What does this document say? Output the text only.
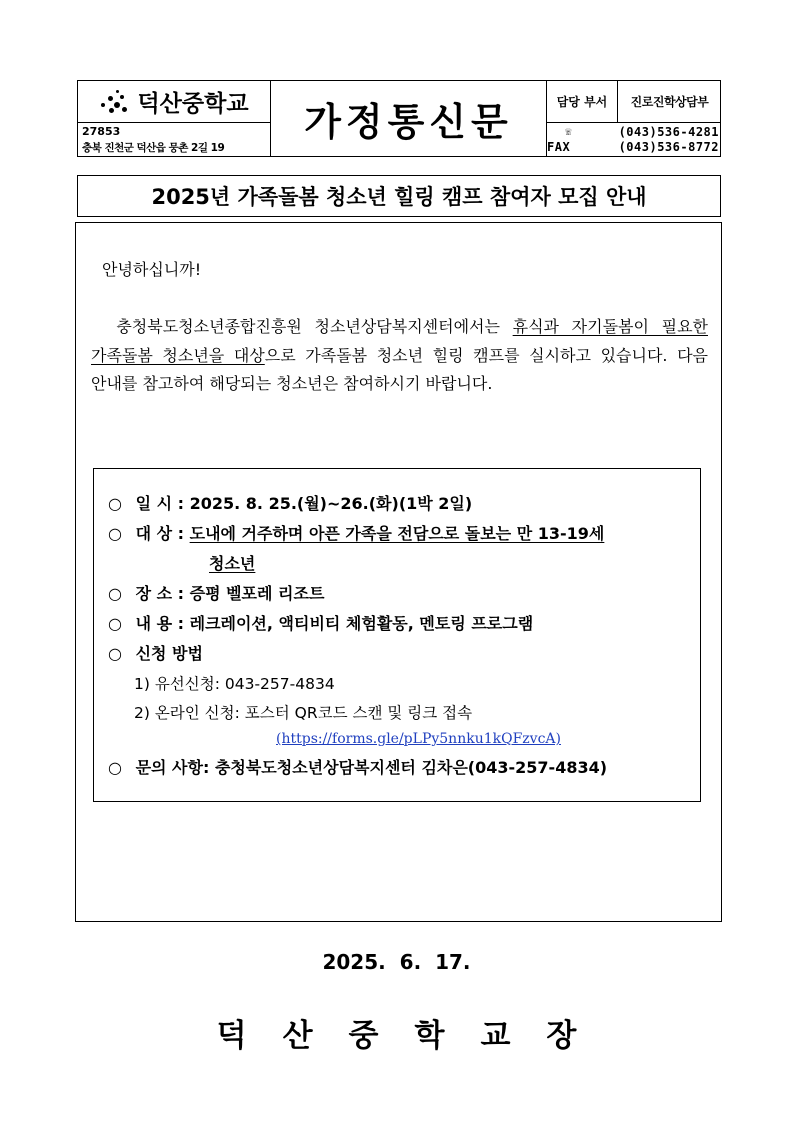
덕산중학교
27853
충북 진천군 덕산읍 뭉촌 2길 19
가정통신문	담당 부서	진로진학상담부
☏	(043)536-4281
FAX	(043)536-8772
2025년 가족돌봄 청소년 힐링 캠프 참여자 모집 안내
안녕하십니까!
충청북도청소년종합진흥원 청소년상담복지센터에서는 휴식과 자기돌봄이 필요한 가족돌봄 청소년을 대상으로 가족돌봄 청소년 힐링 캠프를 실시하고 있습니다. 다음 안내를 참고하여 해당되는 청소년은 참여하시기 바랍니다.
○ 일 시 : 2025. 8. 25.(월)~26.(화)(1박 2일)
○ 대 상 : 도내에 거주하며 아픈 가족을 전담으로 돌보는 만 13-19세
청소년
○ 장 소 : 증평 벨포레 리조트
○ 내 용 : 레크레이션, 액티비티 체험활동, 멘토링 프로그램
○ 신청 방법
1) 유선신청: 043-257-4834
2) 온라인 신청: 포스터 QR코드 스캔 및 링크 접속
(https://forms.gle/pLPy5nnku1kQFzvcA)
○ 문의 사항: 충청북도청소년상담복지센터 김차은(043-257-4834)
2025.  6.  17.
덕산중학교장
